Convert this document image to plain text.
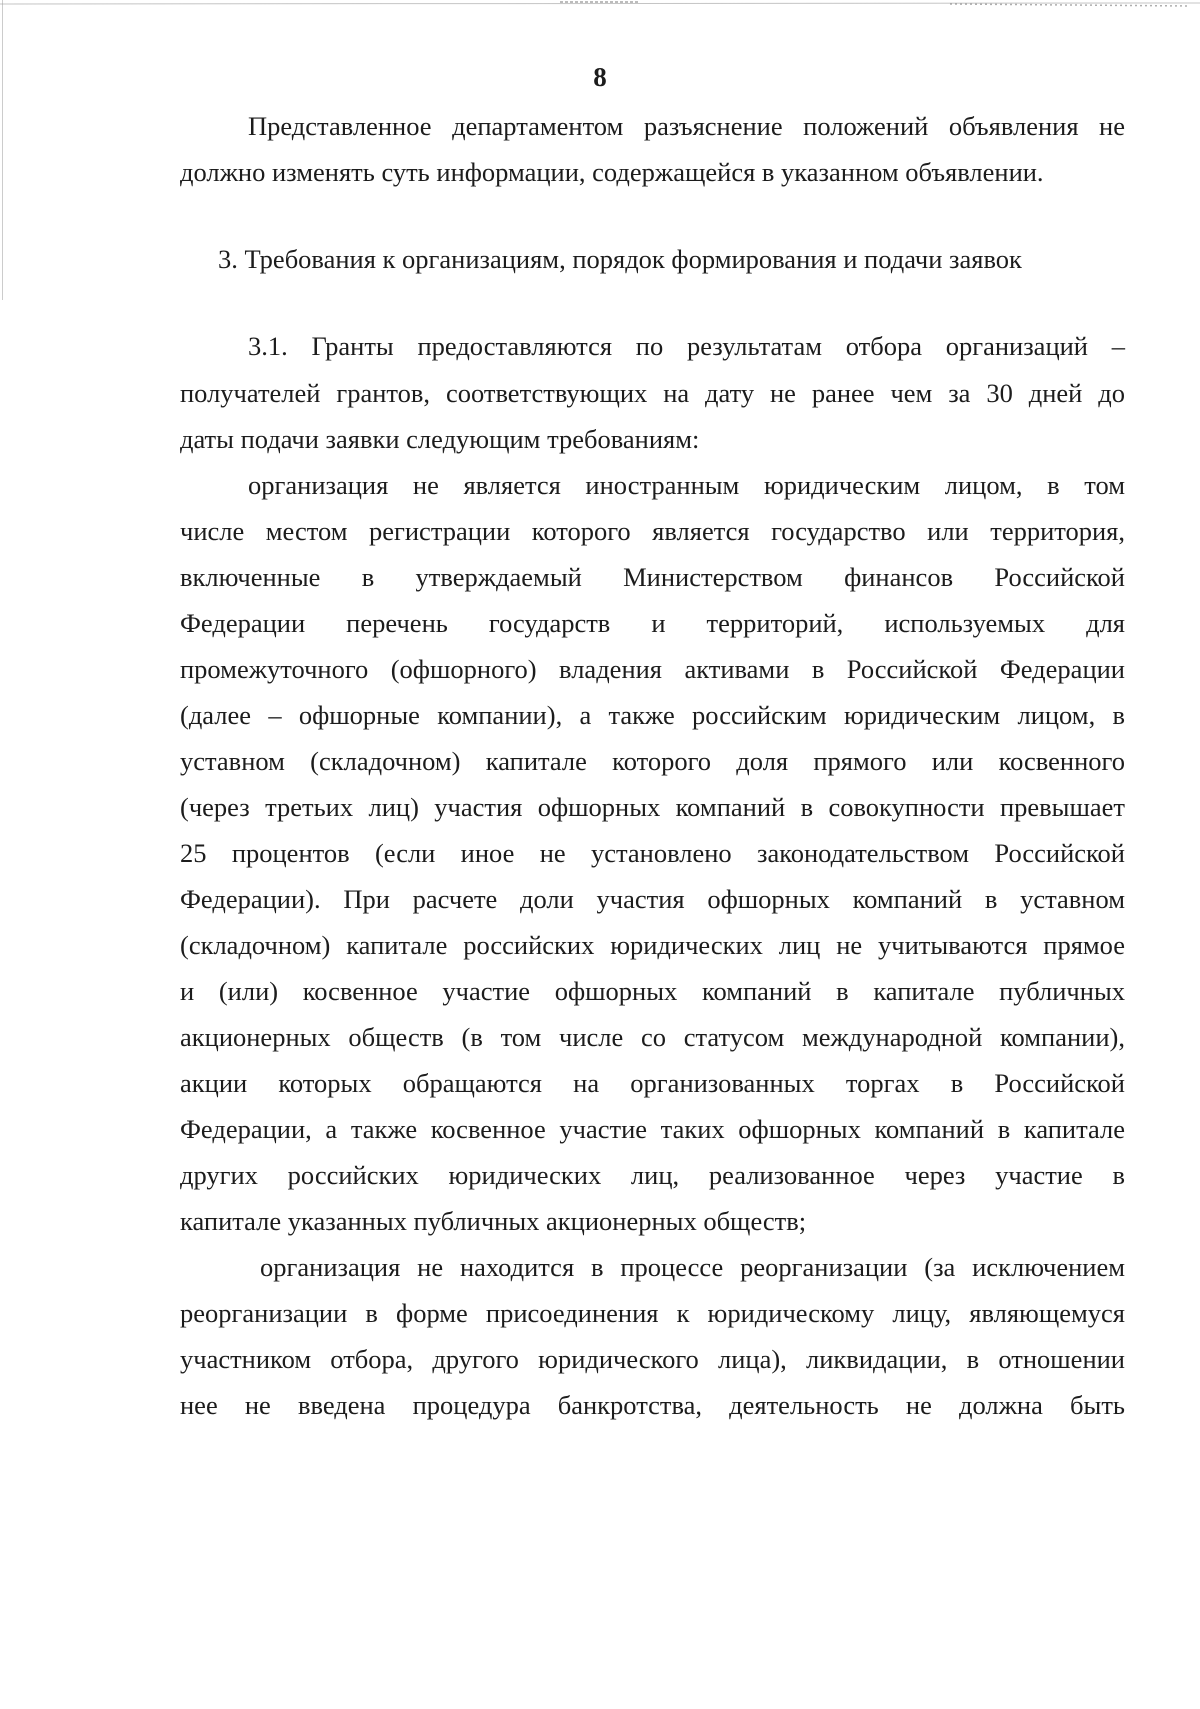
8
Представленное департаментом разъяснение положений объявления не
должно изменять суть информации, содержащейся в указанном объявлении.
3. Требования к организациям, порядок формирования и подачи заявок
3.1. Гранты предоставляются по результатам отбора организаций –
получателей грантов, соответствующих на дату не ранее чем за 30 дней до
даты подачи заявки следующим требованиям:
организация не является иностранным юридическим лицом, в том
числе местом регистрации которого является государство или территория,
включенные в утверждаемый Министерством финансов Российской
Федерации перечень государств и территорий, используемых для
промежуточного (офшорного) владения активами в Российской Федерации
(далее – офшорные компании), а также российским юридическим лицом, в
уставном (складочном) капитале которого доля прямого или косвенного
(через третьих лиц) участия офшорных компаний в совокупности превышает
25 процентов (если иное не установлено законодательством Российской
Федерации). При расчете доли участия офшорных компаний в уставном
(складочном) капитале российских юридических лиц не учитываются прямое
и (или) косвенное участие офшорных компаний в капитале публичных
акционерных обществ (в том числе со статусом международной компании),
акции которых обращаются на организованных торгах в Российской
Федерации, а также косвенное участие таких офшорных компаний в капитале
других российских юридических лиц, реализованное через участие в
капитале указанных публичных акционерных обществ;
организация не находится в процессе реорганизации (за исключением
реорганизации в форме присоединения к юридическому лицу, являющемуся
участником отбора, другого юридического лица), ликвидации, в отношении
нее не введена процедура банкротства, деятельность не должна быть
